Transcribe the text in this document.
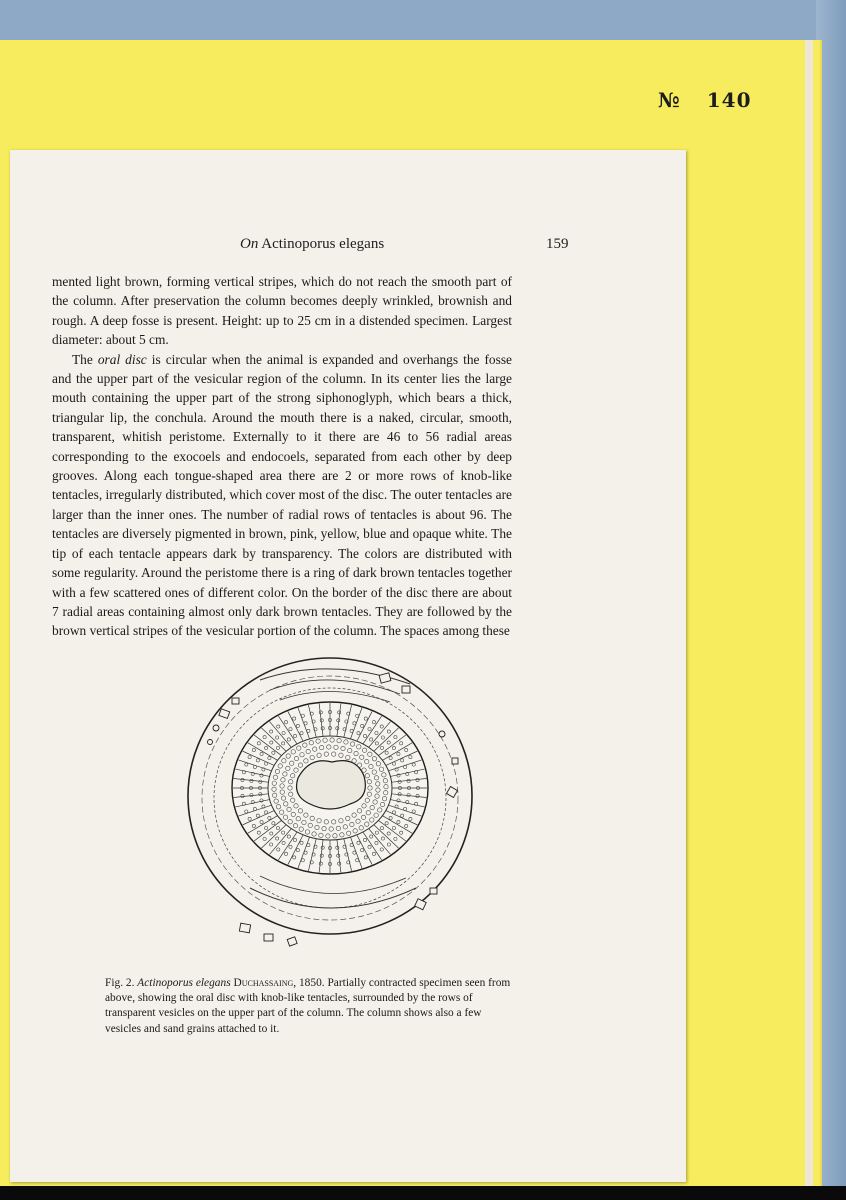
№ 140
On Actinoporus elegans	159

mented light brown, forming vertical stripes, which do not reach the smooth part of the column. After preservation the column becomes deeply wrinkled, brownish and rough. A deep fosse is present. Height: up to 25 cm in a distended specimen. Largest diameter: about 5 cm.

The oral disc is circular when the animal is expanded and overhangs the fosse and the upper part of the vesicular region of the column. In its center lies the large mouth containing the upper part of the strong siphonoglyph, which bears a thick, triangular lip, the conchula. Around the mouth there is a naked, circular, smooth, transparent, whitish peristome. Externally to it there are 46 to 56 radial areas corresponding to the exocoels and endocoels, separated from each other by deep grooves. Along each tongue-shaped area there are 2 or more rows of knob-like tentacles, irregularly distributed, which cover most of the disc. The outer tentacles are larger than the inner ones. The number of radial rows of tentacles is about 96. The tentacles are diversely pigmented in brown, pink, yellow, blue and opaque white. The tip of each tentacle appears dark by transparency. The colors are distributed with some regularity. Around the peristome there is a ring of dark brown tentacles together with a few scattered ones of different color. On the border of the disc there are about 7 radial areas containing almost only dark brown tentacles. They are followed by the brown vertical stripes of the vesicular portion of the column. The spaces among these

Fig. 2. Actinoporus elegans Duchassaing, 1850. Partially contracted specimen seen from above, showing the oral disc with knob-like tentacles, surrounded by the rows of transparent vesicles on the upper part of the column. The column shows also a few vesicles and sand grains attached to it.
